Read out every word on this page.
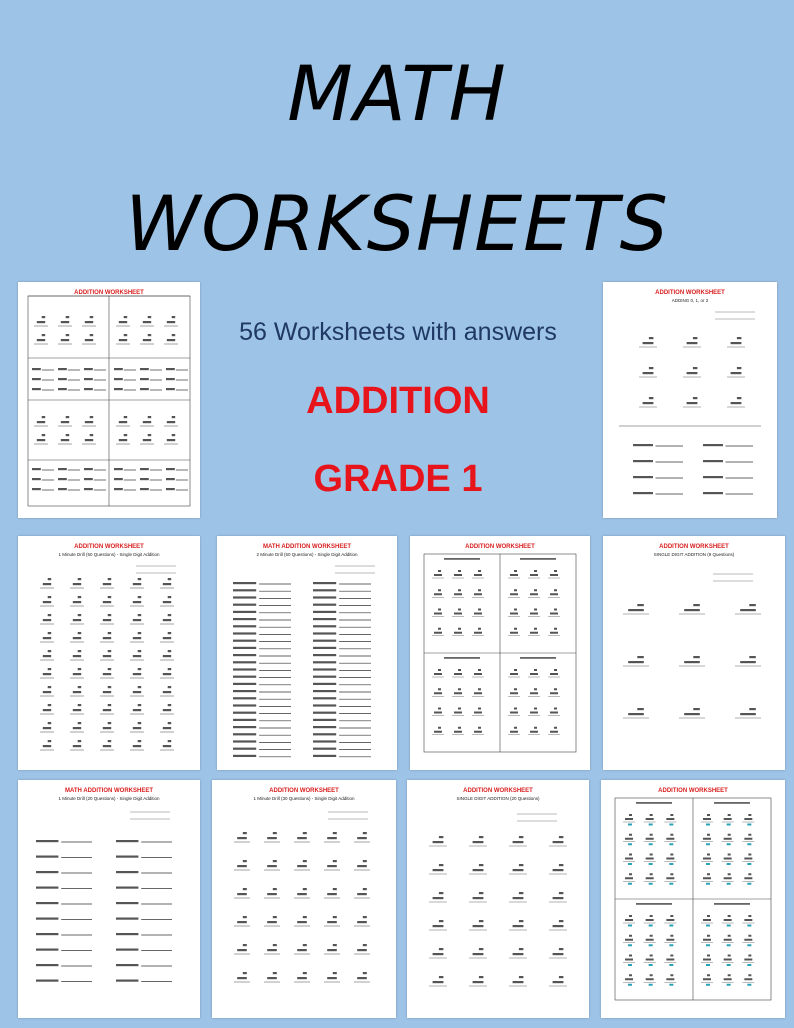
MATH
WORKSHEETS
56 Worksheets with answers
ADDITION
GRADE 1
ADDITION WORKSHEET	ADDITION WORKSHEET
ADDING 0, 1, or 2
ADDITION WORKSHEET
1 Minute Drill (50 Questions) - Single Digit Addition
MATH ADDITION WORKSHEET
2 Minute Drill (50 Questions) - Single Digit Addition
ADDITION WORKSHEET	ADDITION WORKSHEET
SINGLE DIGIT ADDITION (9 Questions)
MATH ADDITION WORKSHEET
1 Minute Drill (20 Questions) - Single Digit Addition
ADDITION WORKSHEET
1 Minute Drill (30 Questions) - Single Digit Addition
ADDITION WORKSHEET
SINGLE DIGIT ADDITION (20 Questions)
ADDITION WORKSHEET
